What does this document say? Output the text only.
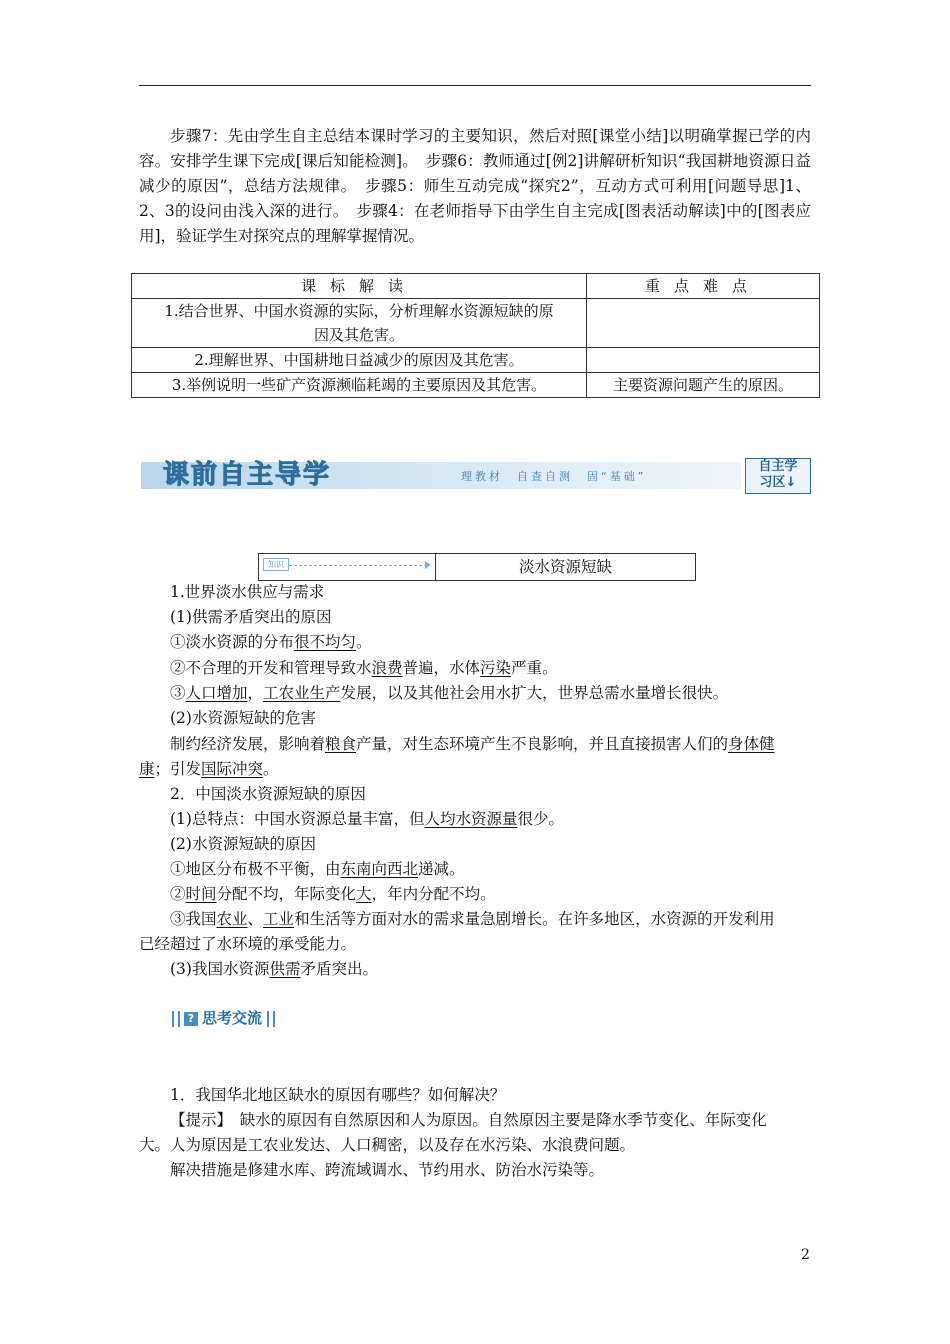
步骤7：先由学生自主总结本课时学习的主要知识，然后对照[课堂小结]以明确掌握已学的内容。安排学生课下完成[课后知能检测]。　步骤6：教师通过[例2]讲解研析知识“我国耕地资源日益减少的原因”，总结方法规律。　步骤5：师生互动完成“探究2”，互动方式可利用[问题导思]1、2、3的设问由浅入深的进行。　步骤4：在老师指导下由学生自主完成[图表活动解读]中的[图表应用]，验证学生对探究点的理解掌握情况。
课标解读	重点难点

1.结合世界、中国水资源的实际，分析理解水资源短缺的原
因及其危害。	

2.理解世界、中国耕地日益减少的原因及其危害。	
3.举例说明一些矿产资源濒临耗竭的主要原因及其危害。	主要资源问题产生的原因。
课前自主导学	理教材　自查自测　固“基础”
自主学
习区↓
知识	淡水资源短缺
1.世界淡水供应与需求
(1)供需矛盾突出的原因
①淡水资源的分布很不均匀。
②不合理的开发和管理导致水浪费普遍，水体污染严重。
③人口增加，工农业生产发展，以及其他社会用水扩大，世界总需水量增长很快。
(2)水资源短缺的危害
制约经济发展，影响着粮食产量，对生态环境产生不良影响，并且直接损害人们的身体健
康；引发国际冲突。
2．中国淡水资源短缺的原因
(1)总特点：中国水资源总量丰富，但人均水资源量很少。
(2)水资源短缺的原因
①地区分布极不平衡，由东南向西北递减。
②时间分配不均，年际变化大，年内分配不均。
③我国农业、工业和生活等方面对水的需求量急剧增长。在许多地区，水资源的开发利用
已经超过了水环境的承受能力。
(3)我国水资源供需矛盾突出。
? 思考交流
1．我国华北地区缺水的原因有哪些？如何解决？
【提示】　缺水的原因有自然原因和人为原因。自然原因主要是降水季节变化、年际变化
大。人为原因是工农业发达、人口稠密，以及存在水污染、水浪费问题。
解决措施是修建水库、跨流域调水、节约用水、防治水污染等。
2
